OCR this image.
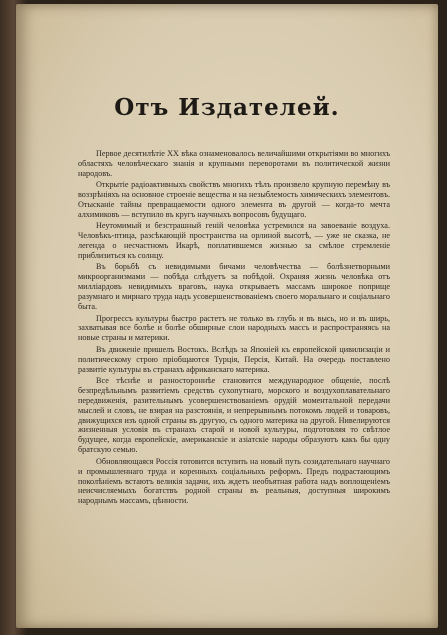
Отъ Издателей.

Первое десятилѣтіе XX вѣка ознаменовалось величайшими открытіями во многихъ областяхъ человѣческаго знанія и крупными переворотами въ политической жизни народовъ.

Открытіе радіоактивныхъ свойствъ многихъ тѣлъ произвело крупную перемѣну въ воззрѣніяхъ на основное строеніе вещества и на незыблемость химическихъ элементовъ. Отысканіе тайны превращаемости одного элемента въ другой — когда-то мечта алхимиковъ — вступило въ кругъ научныхъ вопросовъ будущаго.

Неутомимый и безстрашный геній человѣка устремился на завоеваніе воздуха. Человѣкъ-птица, разсѣкающій пространства на орлиной высотѣ, — уже не сказка, не легенда о несчастномъ Икарѣ, поплатившемся жизнью за смѣлое стремленіе приблизиться къ солнцу.

Въ борьбѣ съ невидимыми бичами человѣчества — болѣзнетворными микроорганизмами — побѣда слѣдуетъ за побѣдой. Охраняя жизнь человѣка отъ милліардовъ невидимыхъ враговъ, наука открываетъ массамъ широкое поприще разумнаго и мирнаго труда надъ усовершенствованіемъ своего моральнаго и соціальнаго быта.

Прогрессъ культуры быстро растетъ не только въ глубь и въ высь, но и въ ширь, захватывая все болѣе и болѣе обширные слои народныхъ массъ и распространяясь на новые страны и материки.

Въ движеніе пришелъ Востокъ. Вслѣдъ за Японіей къ европейской цивилизаціи и политическому строю пріобщаются Турція, Персія, Китай. На очередь поставлено развитіе культуры въ странахъ африканскаго материка.

Все тѣснѣе и разностороннѣе становится международное общеніе, послѣ безпредѣльнымъ развитіемъ средствъ сухопутнаго, морского и воздухоплавательнаго передвиженія, разительнымъ усовершенствованіемъ орудій моментальной передачи мыслей и словъ, не взирая на разстоянія, и непрерывнымъ потокомъ людей и товаровъ, движущихся изъ одной страны въ другую, съ одного материка на другой. Нивелируются жизненныя условія въ странахъ старой и новой культуры, подготовляя то свѣтлое будущее, когда европейскіе, американскіе и азіатскіе народы образуютъ какъ бы одну братскую семью.

Обновляющаяся Россія готовится вступить на новый путь созидательнаго научнаго и промышленнаго труда и коренныхъ соціальныхъ реформъ. Предъ подрастающимъ поколѣніемъ встаютъ великія задачи, ихъ ждетъ необъятная работа надъ воплощеніемъ неисчисляемыхъ богатствъ родной страны въ реальныя, доступныя широкимъ народнымъ массамъ, цѣнности.
